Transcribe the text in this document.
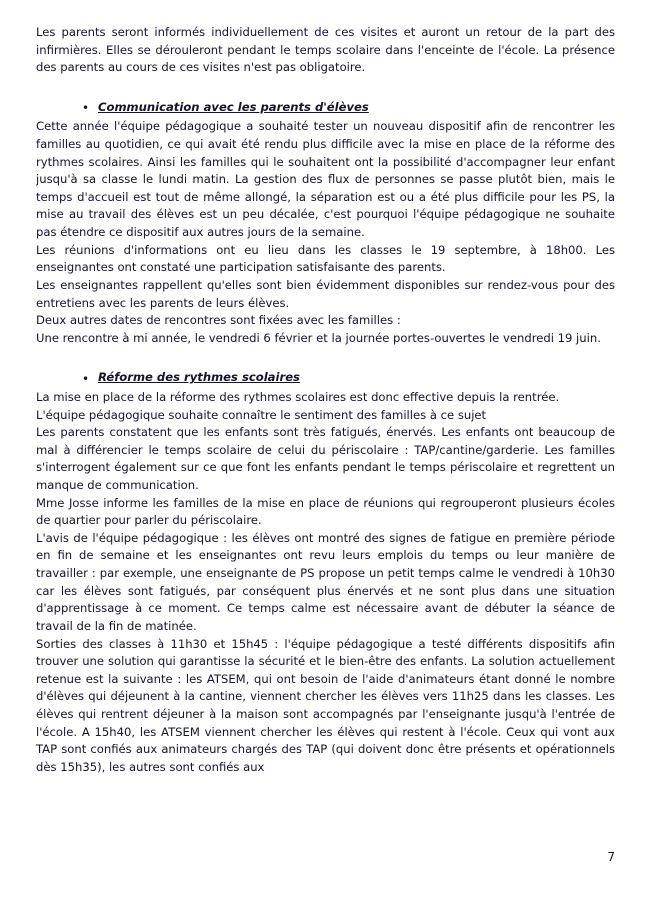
Les parents seront informés individuellement de ces visites et auront un retour de la part des infirmières. Elles se dérouleront pendant le temps scolaire dans l'enceinte de l'école. La présence des parents au cours de ces visites n'est pas obligatoire.

• Communication avec les parents d'élèves

Cette année l'équipe pédagogique a souhaité tester un nouveau dispositif afin de rencontrer les familles au quotidien, ce qui avait été rendu plus difficile avec la mise en place de la réforme des rythmes scolaires. Ainsi les familles qui le souhaitent ont la possibilité d'accompagner leur enfant jusqu'à sa classe le lundi matin. La gestion des flux de personnes se passe plutôt bien, mais le temps d'accueil est tout de même allongé, la séparation est ou a été plus difficile pour les PS, la mise au travail des élèves est un peu décalée, c'est pourquoi l'équipe pédagogique ne souhaite pas étendre ce dispositif aux autres jours de la semaine.

Les réunions d'informations ont eu lieu dans les classes le 19 septembre, à 18h00. Les enseignantes ont constaté une participation satisfaisante des parents.

Les enseignantes rappellent qu'elles sont bien évidemment disponibles sur rendez-vous pour des entretiens avec les parents de leurs élèves.

Deux autres dates de rencontres sont fixées avec les familles :

Une rencontre à mi année, le vendredi 6 février et la journée portes-ouvertes le vendredi 19 juin.

• Réforme des rythmes scolaires

La mise en place de la réforme des rythmes scolaires est donc effective depuis la rentrée.

L'équipe pédagogique souhaite connaître le sentiment des familles à ce sujet

Les parents constatent que les enfants sont très fatigués, énervés. Les enfants ont beaucoup de mal à différencier le temps scolaire de celui du périscolaire : TAP/cantine/garderie. Les familles s'interrogent également sur ce que font les enfants pendant le temps périscolaire et regrettent un manque de communication.

Mme Josse informe les familles de la mise en place de réunions qui regrouperont plusieurs écoles de quartier pour parler du périscolaire.

L'avis de l'équipe pédagogique : les élèves ont montré des signes de fatigue en première période en fin de semaine et les enseignantes ont revu leurs emplois du temps ou leur manière de travailler : par exemple, une enseignante de PS propose un petit temps calme le vendredi à 10h30 car les élèves sont fatigués, par conséquent plus énervés et ne sont plus dans une situation d'apprentissage à ce moment. Ce temps calme est nécessaire avant de débuter la séance de travail de la fin de matinée.

Sorties des classes à 11h30 et 15h45 : l'équipe pédagogique a testé différents dispositifs afin trouver une solution qui garantisse la sécurité et le bien-être des enfants. La solution actuellement retenue est la suivante : les ATSEM, qui ont besoin de l'aide d'animateurs étant donné le nombre d'élèves qui déjeunent à la cantine, viennent chercher les élèves vers 11h25 dans les classes. Les élèves qui rentrent déjeuner à la maison sont accompagnés par l'enseignante jusqu'à l'entrée de l'école. A 15h40, les ATSEM viennent chercher les élèves qui restent à l'école. Ceux qui vont aux TAP sont confiés aux animateurs chargés des TAP (qui doivent donc être présents et opérationnels dès 15h35), les autres sont confiés aux

7
